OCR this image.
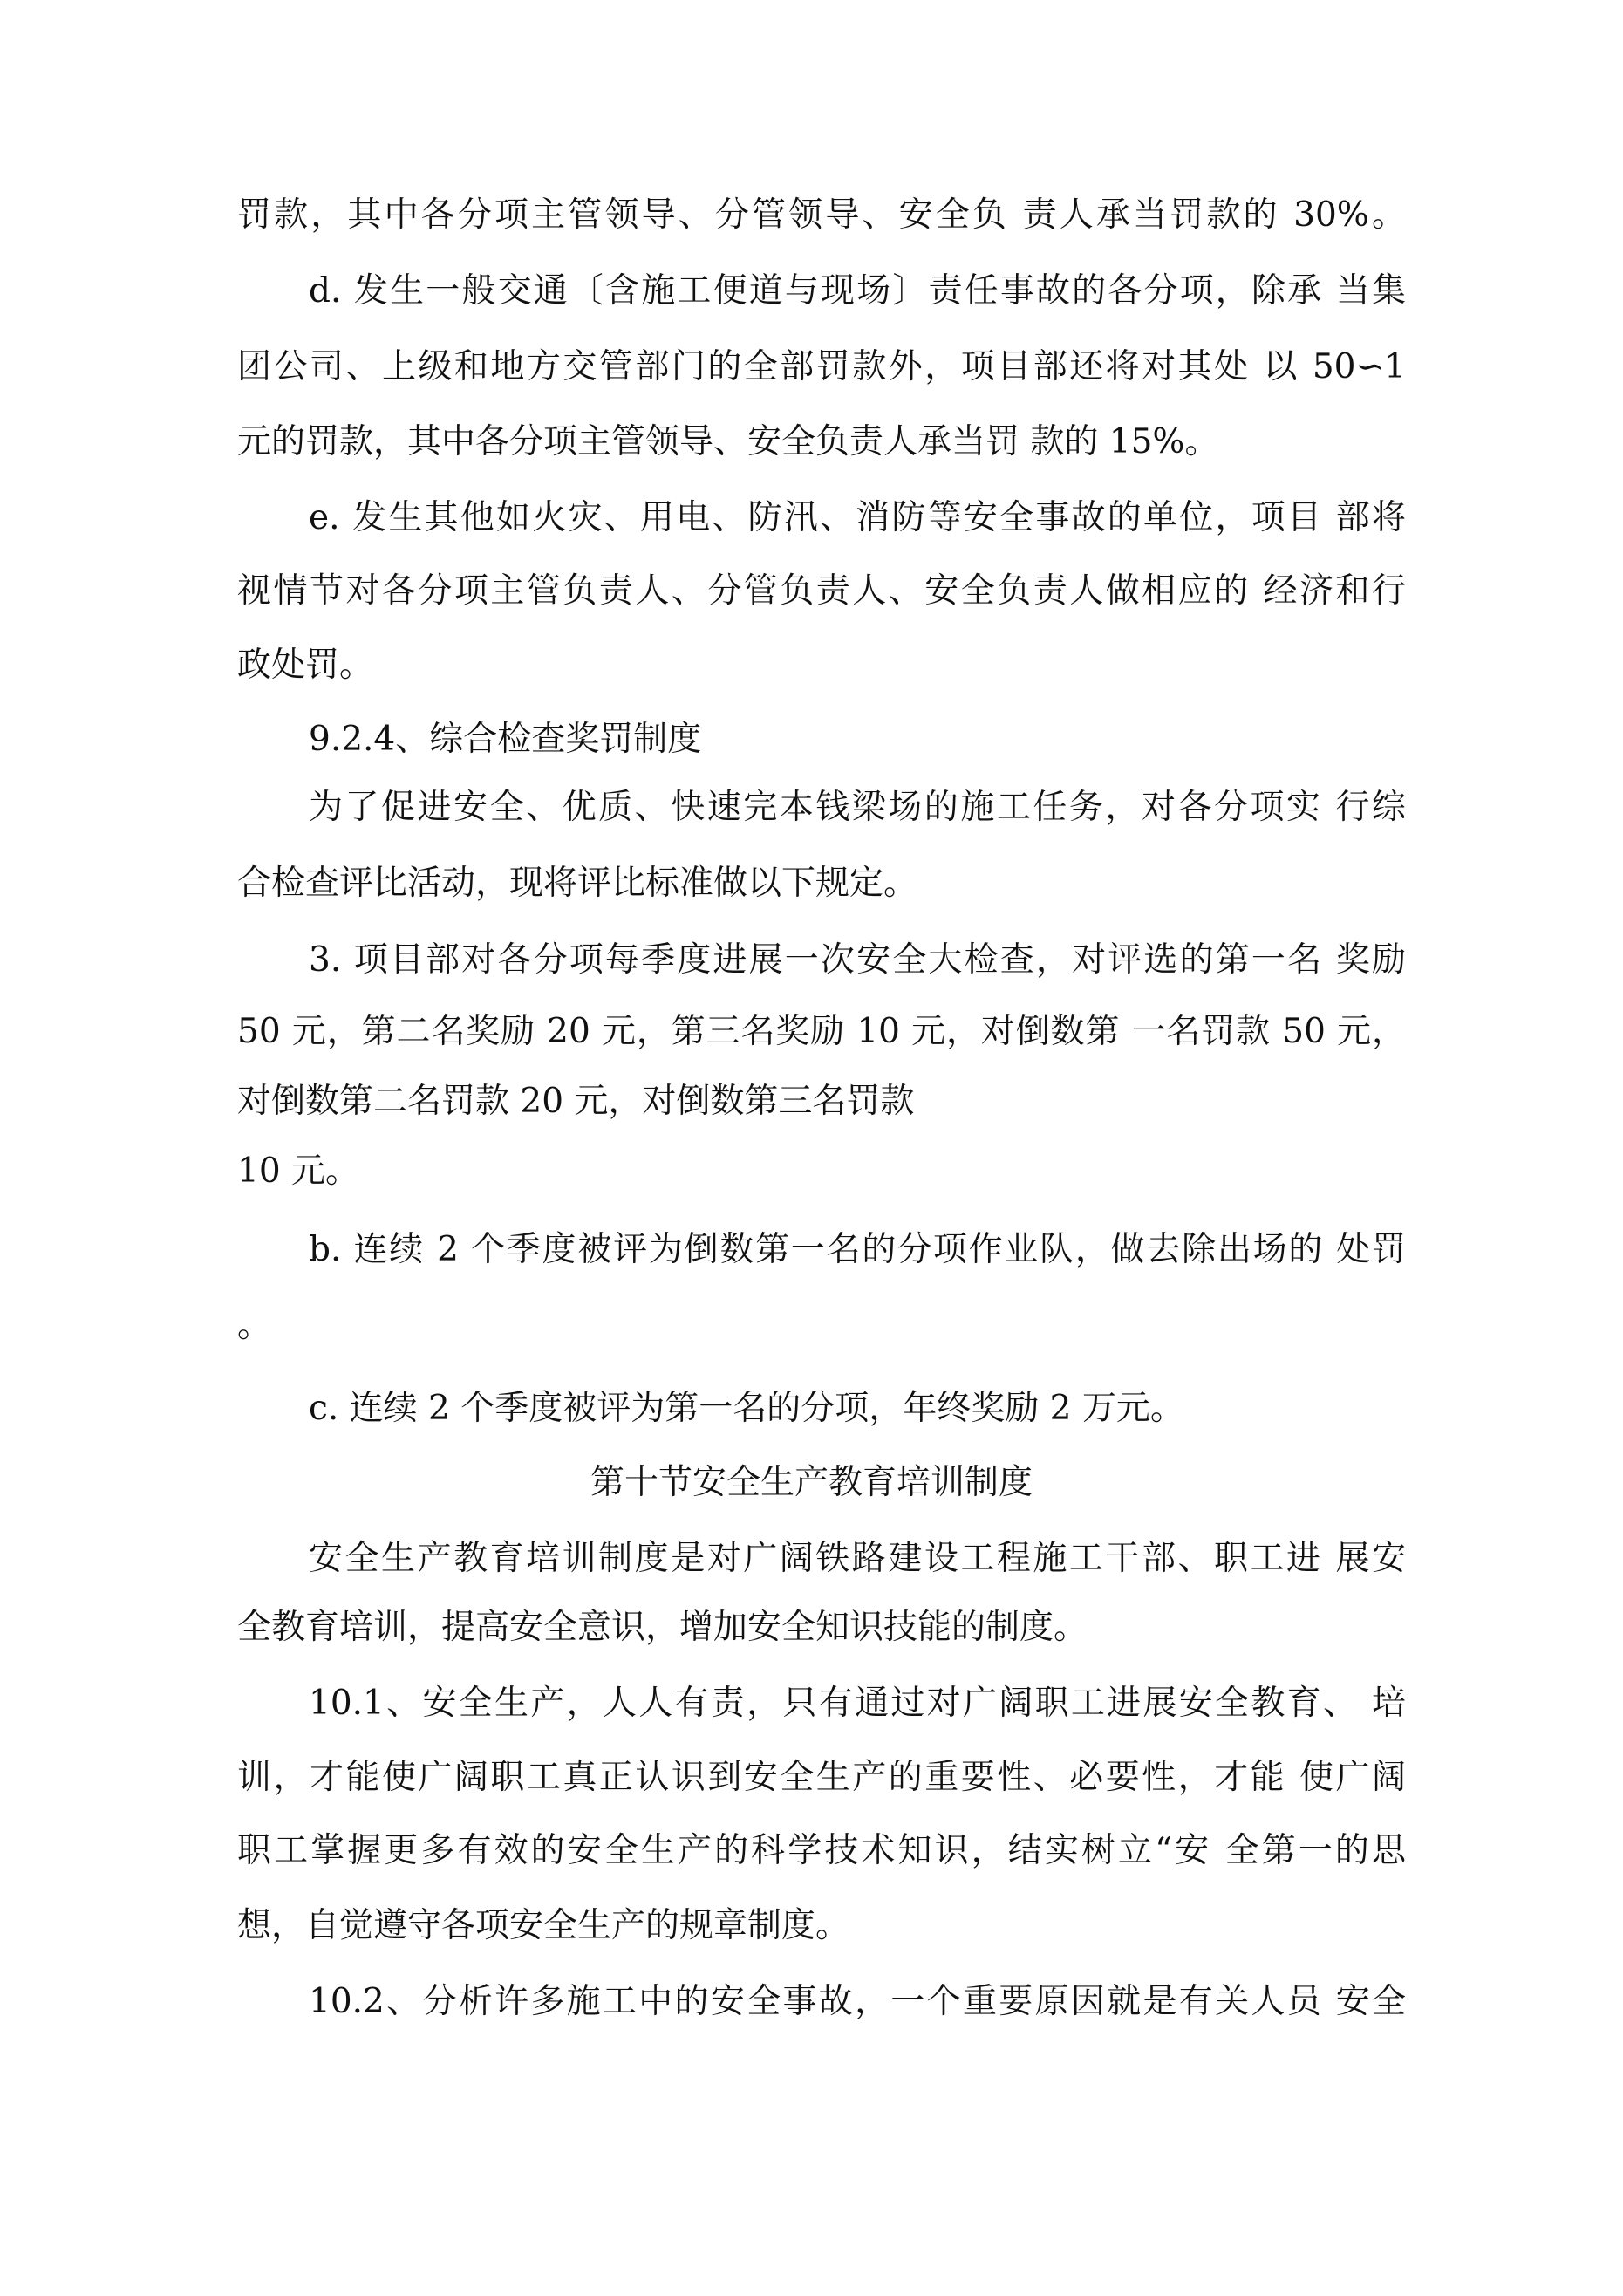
罚款，其中各分项主管领导、分管领导、安全负 责人承当罚款的 30%。
d. 发生一般交通〔含施工便道与现场〕责任事故的各分项，除承 当集
团公司、上级和地方交管部门的全部罚款外，项目部还将对其处 以 50∽1
元的罚款，其中各分项主管领导、安全负责人承当罚 款的 15%。
e. 发生其他如火灾、用电、防汛、消防等安全事故的单位，项目 部将
视情节对各分项主管负责人、分管负责人、安全负责人做相应的 经济和行
政处罚。
9.2.4、综合检查奖罚制度
为了促进安全、优质、快速完本钱梁场的施工任务，对各分项实 行综
合检查评比活动，现将评比标准做以下规定。
3. 项目部对各分项每季度进展一次安全大检查，对评选的第一名 奖励
50 元，第二名奖励 20 元，第三名奖励 10 元，对倒数第 一名罚款 50 元，
对倒数第二名罚款 20 元，对倒数第三名罚款
10 元。
b. 连续 2 个季度被评为倒数第一名的分项作业队，做去除出场的 处罚
。
c. 连续 2 个季度被评为第一名的分项，年终奖励 2 万元。
第十节安全生产教育培训制度
安全生产教育培训制度是对广阔铁路建设工程施工干部、职工进 展安
全教育培训，提高安全意识，增加安全知识技能的制度。
10.1、安全生产，人人有责，只有通过对广阔职工进展安全教育、 培
训，才能使广阔职工真正认识到安全生产的重要性、必要性，才能 使广阔
职工掌握更多有效的安全生产的科学技术知识，结实树立“安 全第一的思
想，自觉遵守各项安全生产的规章制度。
10.2、分析许多施工中的安全事故，一个重要原因就是有关人员 安全
